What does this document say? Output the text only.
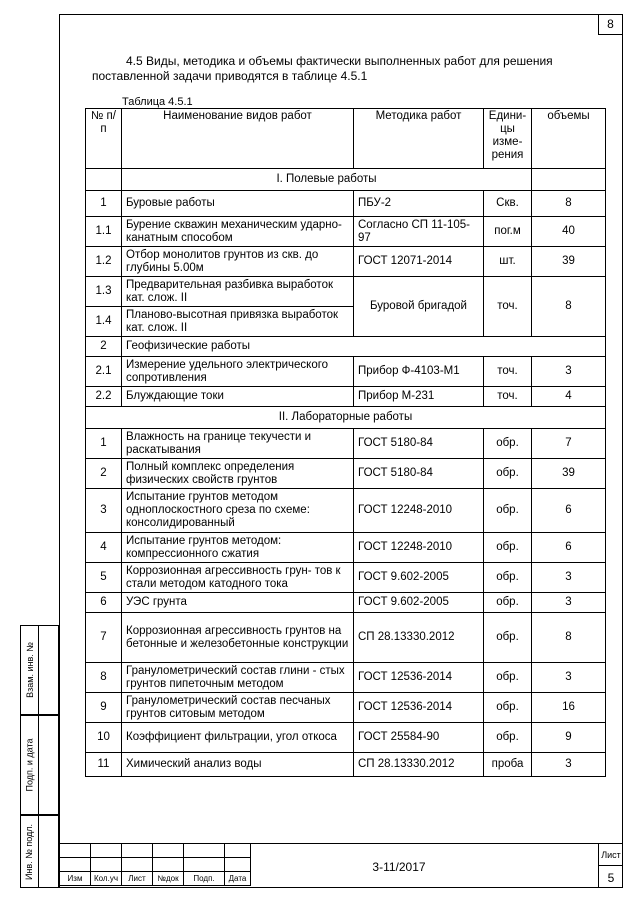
8
4.5 Виды, методика и объемы фактически выполненных работ для решения
поставленной задачи приводятся в таблице 4.5.1
Таблица 4.5.1
№ п/п	Наименование видов работ	Методика работ	Едини- цы изме- рения	объемы
	I. Полевые работы			
1	Буровые работы	ПБУ-2	Скв.	8
1.1	Бурение скважин механическим ударно-канатным способом	Согласно СП 11-105-97	пог.м	40
1.2	Отбор монолитов грунтов из скв. до глубины 5.00м	ГОСТ 12071-2014	шт.	39
1.3	Предварительная разбивка выработок кат. слож. II	Буровой бригадой	точ.	8
1.4	Планово-высотная привязка выработок кат. слож. II			
2	Геофизические работы			
2.1	Измерение удельного электрического сопротивления	Прибор Ф-4103-М1	точ.	3
2.2	Блуждающие токи	Прибор М-231	точ.	4
II. Лабораторные работы				
1	Влажность на границе текучести и раскатывания	ГОСТ 5180-84	обр.	7
2	Полный комплекс определения физических свойств грунтов	ГОСТ 5180-84	обр.	39
3	Испытание грунтов методом одноплоскостного среза по схеме: консолидированный	ГОСТ 12248-2010	обр.	6
4	Испытание грунтов методом: компрессионного сжатия	ГОСТ 12248-2010	обр.	6
5	Коррозионная агрессивность грун- тов к стали методом катодного тока	ГОСТ 9.602-2005	обр.	3
6	УЭС грунта	ГОСТ 9.602-2005	обр.	3
7	Коррозионная агрессивность грунтов на бетонные и железобетонные конструкции	СП 28.13330.2012	обр.	8
8	Гранулометрический состав глини - стых грунтов пипеточным методом	ГОСТ 12536-2014	обр.	3
9	Гранулометрический состав песчаных грунтов ситовым методом	ГОСТ 12536-2014	обр.	16
10	Коэффициент фильтрации, угол откоса	ГОСТ 25584-90	обр.	9
11	Химический анализ воды	СП 28.13330.2012	проба	3
Взам. инв. №
Подп. и дата
Инв. № подл.

						Изм	Кол.уч	Лист	№док	Подп.	Дата
3-11/2017
Лист
5
